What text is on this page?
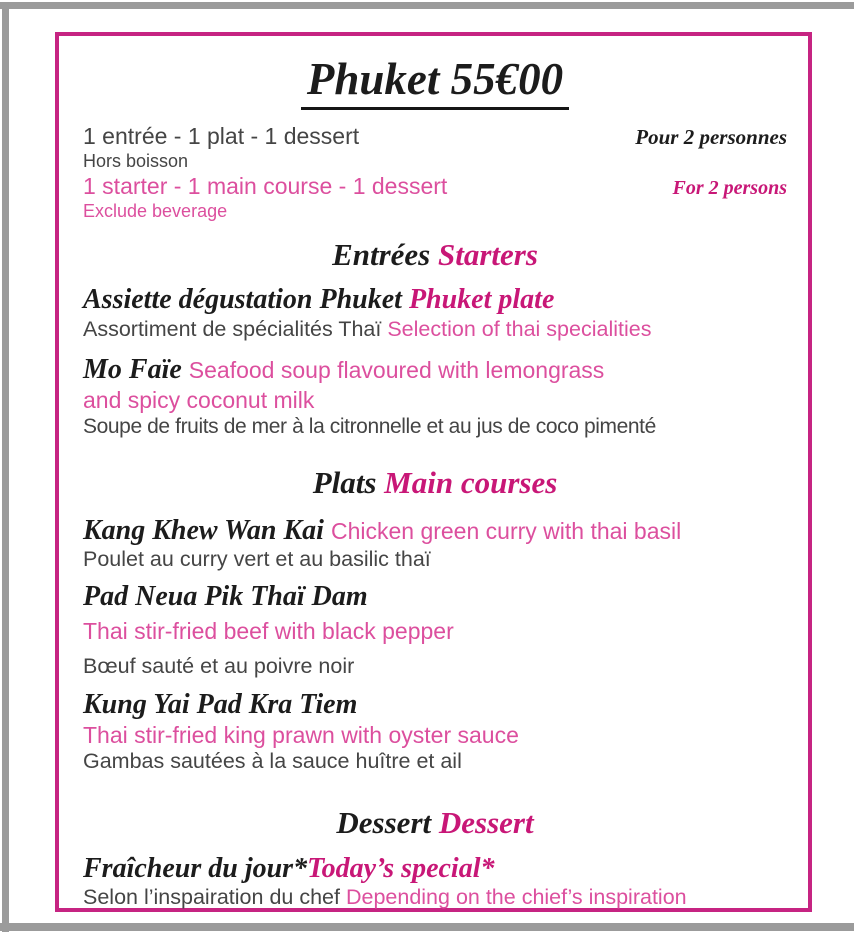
Phuket 55€00
1 entrée - 1 plat - 1 dessert	Pour 2 personnes
Hors boisson
1 starter - 1 main course - 1 dessert	For 2 persons
Exclude beverage
Entrées Starters
Assiette dégustation Phuket Phuket plate
Assortiment de spécialités Thaï Selection of thai specialities
Mo Faïe Seafood soup flavoured with lemongrass
and spicy coconut milk
Soupe de fruits de mer à la citronnelle et au jus de coco pimenté
Plats Main courses
Kang Khew Wan Kai Chicken green curry with thai basil
Poulet au curry vert et au basilic thaï
Pad Neua Pik Thaï Dam
Thai stir-fried beef with black pepper
Bœuf sauté et au poivre noir
Kung Yai Pad Kra Tiem
Thai stir-fried king prawn with oyster sauce
Gambas sautées à la sauce huître et ail
Dessert Dessert
Fraîcheur du jour*Today’s special*
Selon l’inspairation du chef Depending on the chief’s inspiration
